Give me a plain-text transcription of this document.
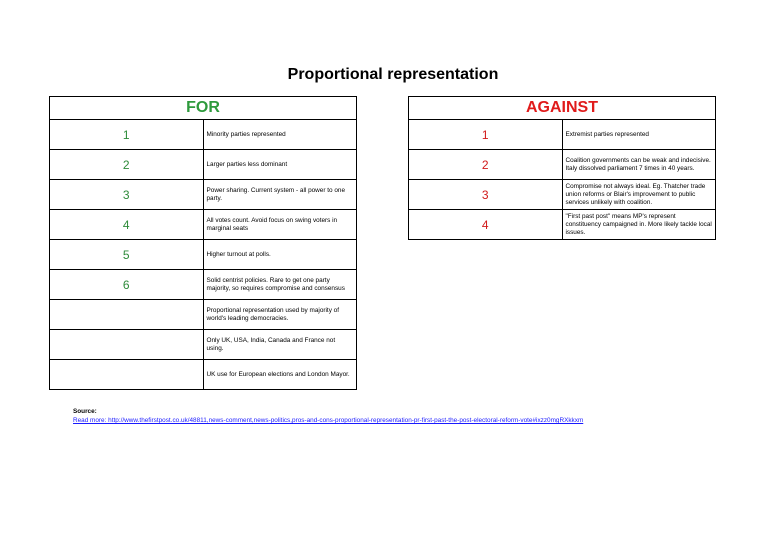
Proportional representation
FOR	
1	Minority parties represented
2	Larger parties less dominant
3	Power sharing. Current system - all power to one party.
4	All votes count. Avoid focus on swing voters in marginal seats
5	Higher turnout at polls.
6	Solid centrist policies. Rare to get one party majority, so requires compromise and consensus
	Proportional representation used by majority of world's leading democracies.
	Only UK, USA, India, Canada and France not using.
	UK use for European elections and London Mayor.
AGAINST	
1	Extremist parties represented
2	Coalition governments can be weak and indecisive. Italy dissolved parliament 7 times in 40 years.
3	Compromise not always ideal. Eg. Thatcher trade union reforms or Blair's improvement to public services unlikely with coalition.
4	"First past post" means MP's represent constituency campaigned in. More likely tackle local issues.
Source:
Read more: http://www.thefirstpost.co.uk/48811,news-comment,news-politics,pros-and-cons-proportional-representation-pr-first-past-the-post-electoral-reform-vote#ixzz0mgRXkkxm
